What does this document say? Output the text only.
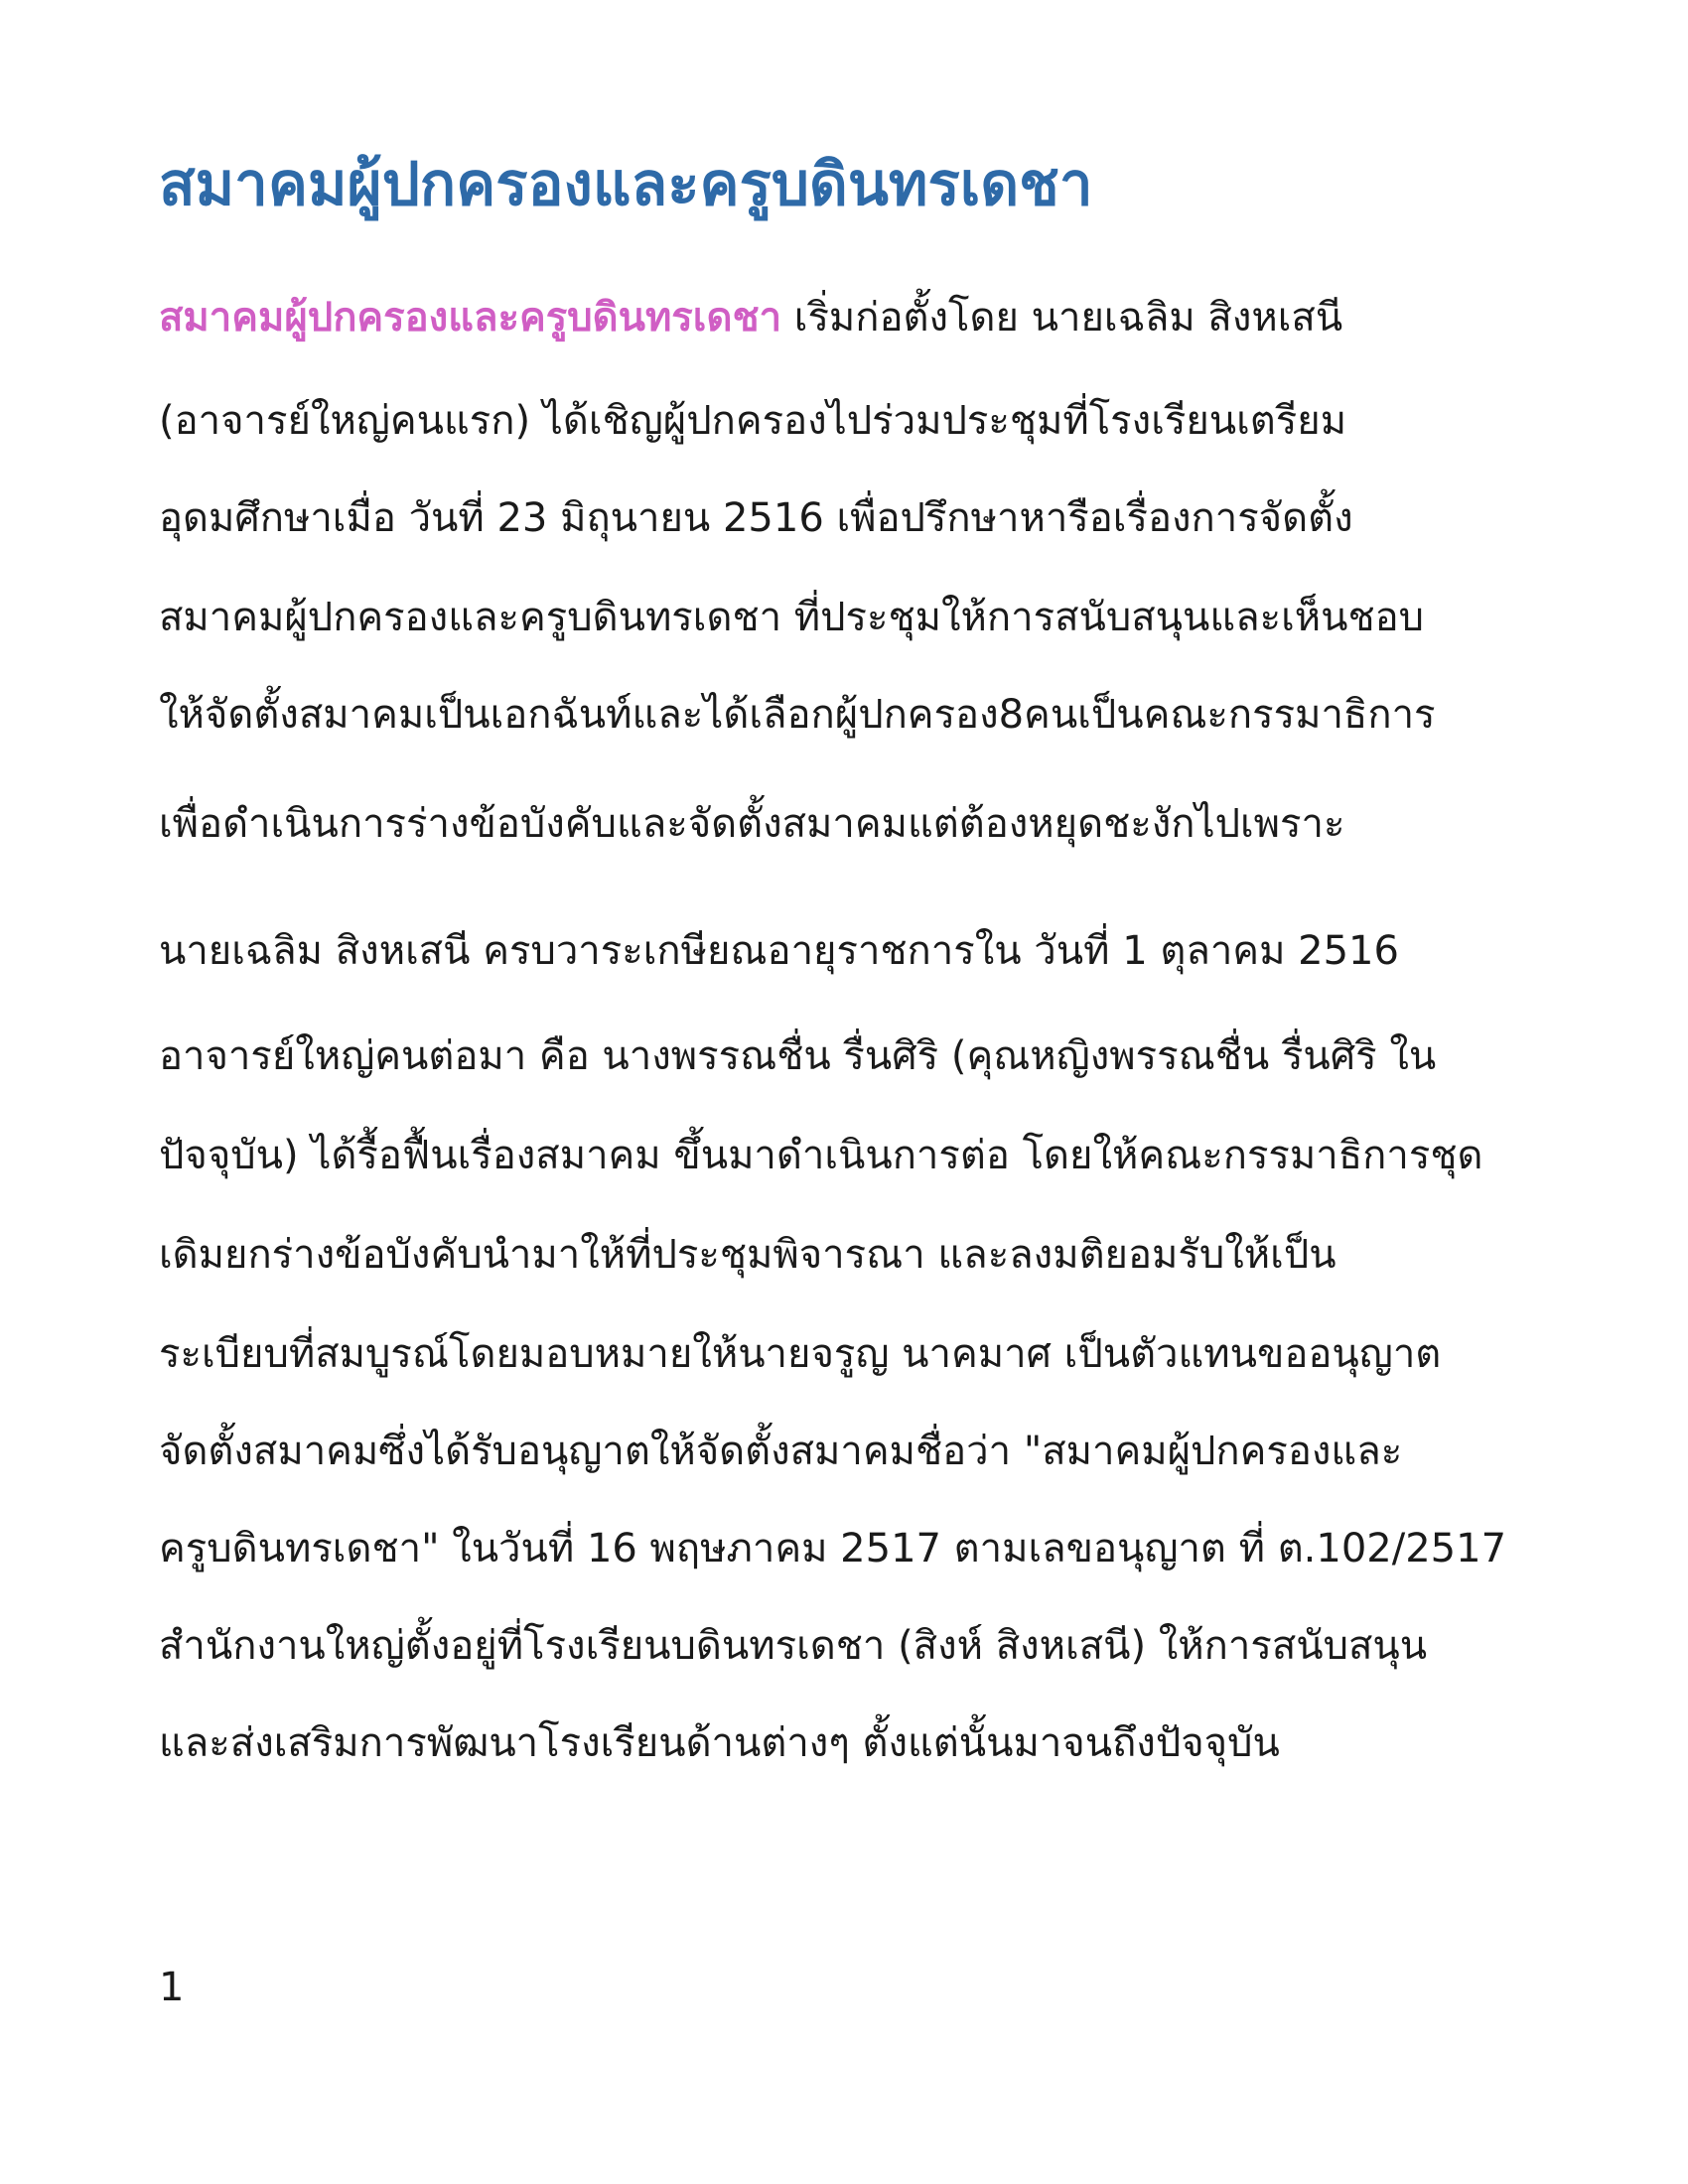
สมาคมผู้ปกครองและครูบดินทรเดชา
สมาคมผู้ปกครองและครูบดินทรเดชา เริ่มก่อตั้งโดย นายเฉลิม สิงหเสนี
(อาจารย์ใหญ่คนแรก) ได้เชิญผู้ปกครองไปร่วมประชุมที่โรงเรียนเตรียม
อุดมศึกษาเมื่อ วันที่ 23 มิถุนายน 2516 เพื่อปรึกษาหารือเรื่องการจัดตั้ง
สมาคมผู้ปกครองและครูบดินทรเดชา ที่ประชุมให้การสนับสนุนและเห็นชอบ
ให้จัดตั้งสมาคมเป็นเอกฉันท์และได้เลือกผู้ปกครอง8คนเป็นคณะกรรมาธิการ
เพื่อดำเนินการร่างข้อบังคับและจัดตั้งสมาคมแต่ต้องหยุดชะงักไปเพราะ
นายเฉลิม สิงหเสนี ครบวาระเกษียณอายุราชการใน วันที่ 1 ตุลาคม 2516
อาจารย์ใหญ่คนต่อมา คือ นางพรรณชื่น รื่นศิริ (คุณหญิงพรรณชื่น รื่นศิริ ใน
ปัจจุบัน) ได้รื้อฟื้นเรื่องสมาคม ขึ้นมาดำเนินการต่อ โดยให้คณะกรรมาธิการชุด
เดิมยกร่างข้อบังคับนำมาให้ที่ประชุมพิจารณา และลงมติยอมรับให้เป็น
ระเบียบที่สมบูรณ์โดยมอบหมายให้นายจรูญ นาคมาศ เป็นตัวแทนขออนุญาต
จัดตั้งสมาคมซึ่งได้รับอนุญาตให้จัดตั้งสมาคมชื่อว่า "สมาคมผู้ปกครองและ
ครูบดินทรเดชา" ในวันที่ 16 พฤษภาคม 2517 ตามเลขอนุญาต ที่ ต.102/2517
สำนักงานใหญ่ตั้งอยู่ที่โรงเรียนบดินทรเดชา (สิงห์ สิงหเสนี) ให้การสนับสนุน
และส่งเสริมการพัฒนาโรงเรียนด้านต่างๆ ตั้งแต่นั้นมาจนถึงปัจจุบัน
1
